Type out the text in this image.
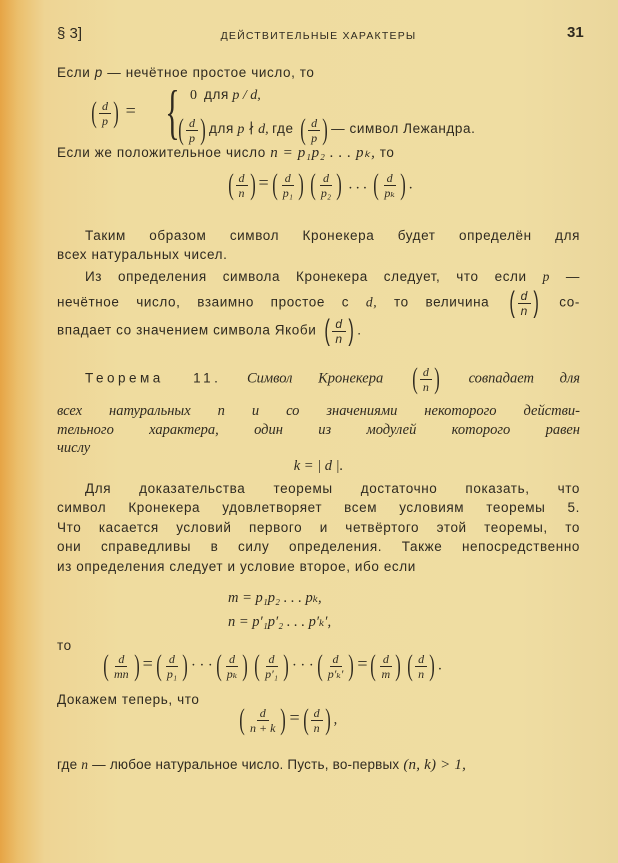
§ 3]	ДЕЙСТВИТЕЛЬНЫЕ ХАРАКТЕРЫ	31
Если p — нечётное простое число, то
( d
p ) = { 0 для p / d,
( d
p ) для p ∤ d, где ( d
p ) — символ Лежандра.
Если же положительное число n = p₁p₂ . . . pₖ, то
( d
n ) = ( d
p₁ ) ( d
p₂ ) . . . ( d
pₖ ) .
Таким образом символ Кронекера будет определён для
всех натуральных чисел.
Из определения символа Кронекера следует, что если p —
нечётное число, взаимно простое с d, то величина ( d
n ) со-
впадает со значением символа Якоби ( d
n ) .
Теорема 11. Символ Кронекера ( d
n ) совпадает для
всех натуральных n и со значениями некоторого действи-
тельного характера, один из модулей которого равен
числу
k = | d |.
Для доказательства теоремы достаточно показать, что
символ Кронекера удовлетворяет всем условиям теоремы 5.
Что касается условий первого и четвёртого этой теоремы, то
они справедливы в силу определения. Также непосредственно
из определения следует и условие второе, ибо если
m = p₁p₂ . . . pₖ,
n = p′₁p′₂ . . . p′ₖ′,
то
( d
mn ) = ( d
p₁ ) · · · ( d
pₖ ) ( d
p′₁ ) · · · ( d
p′ₖ′ ) = ( d
m ) ( d
n ) .
Докажем теперь, что
( d
n + k ) = ( d
n ) ,
где n — любое натуральное число. Пусть, во-первых (n, k) > 1,
